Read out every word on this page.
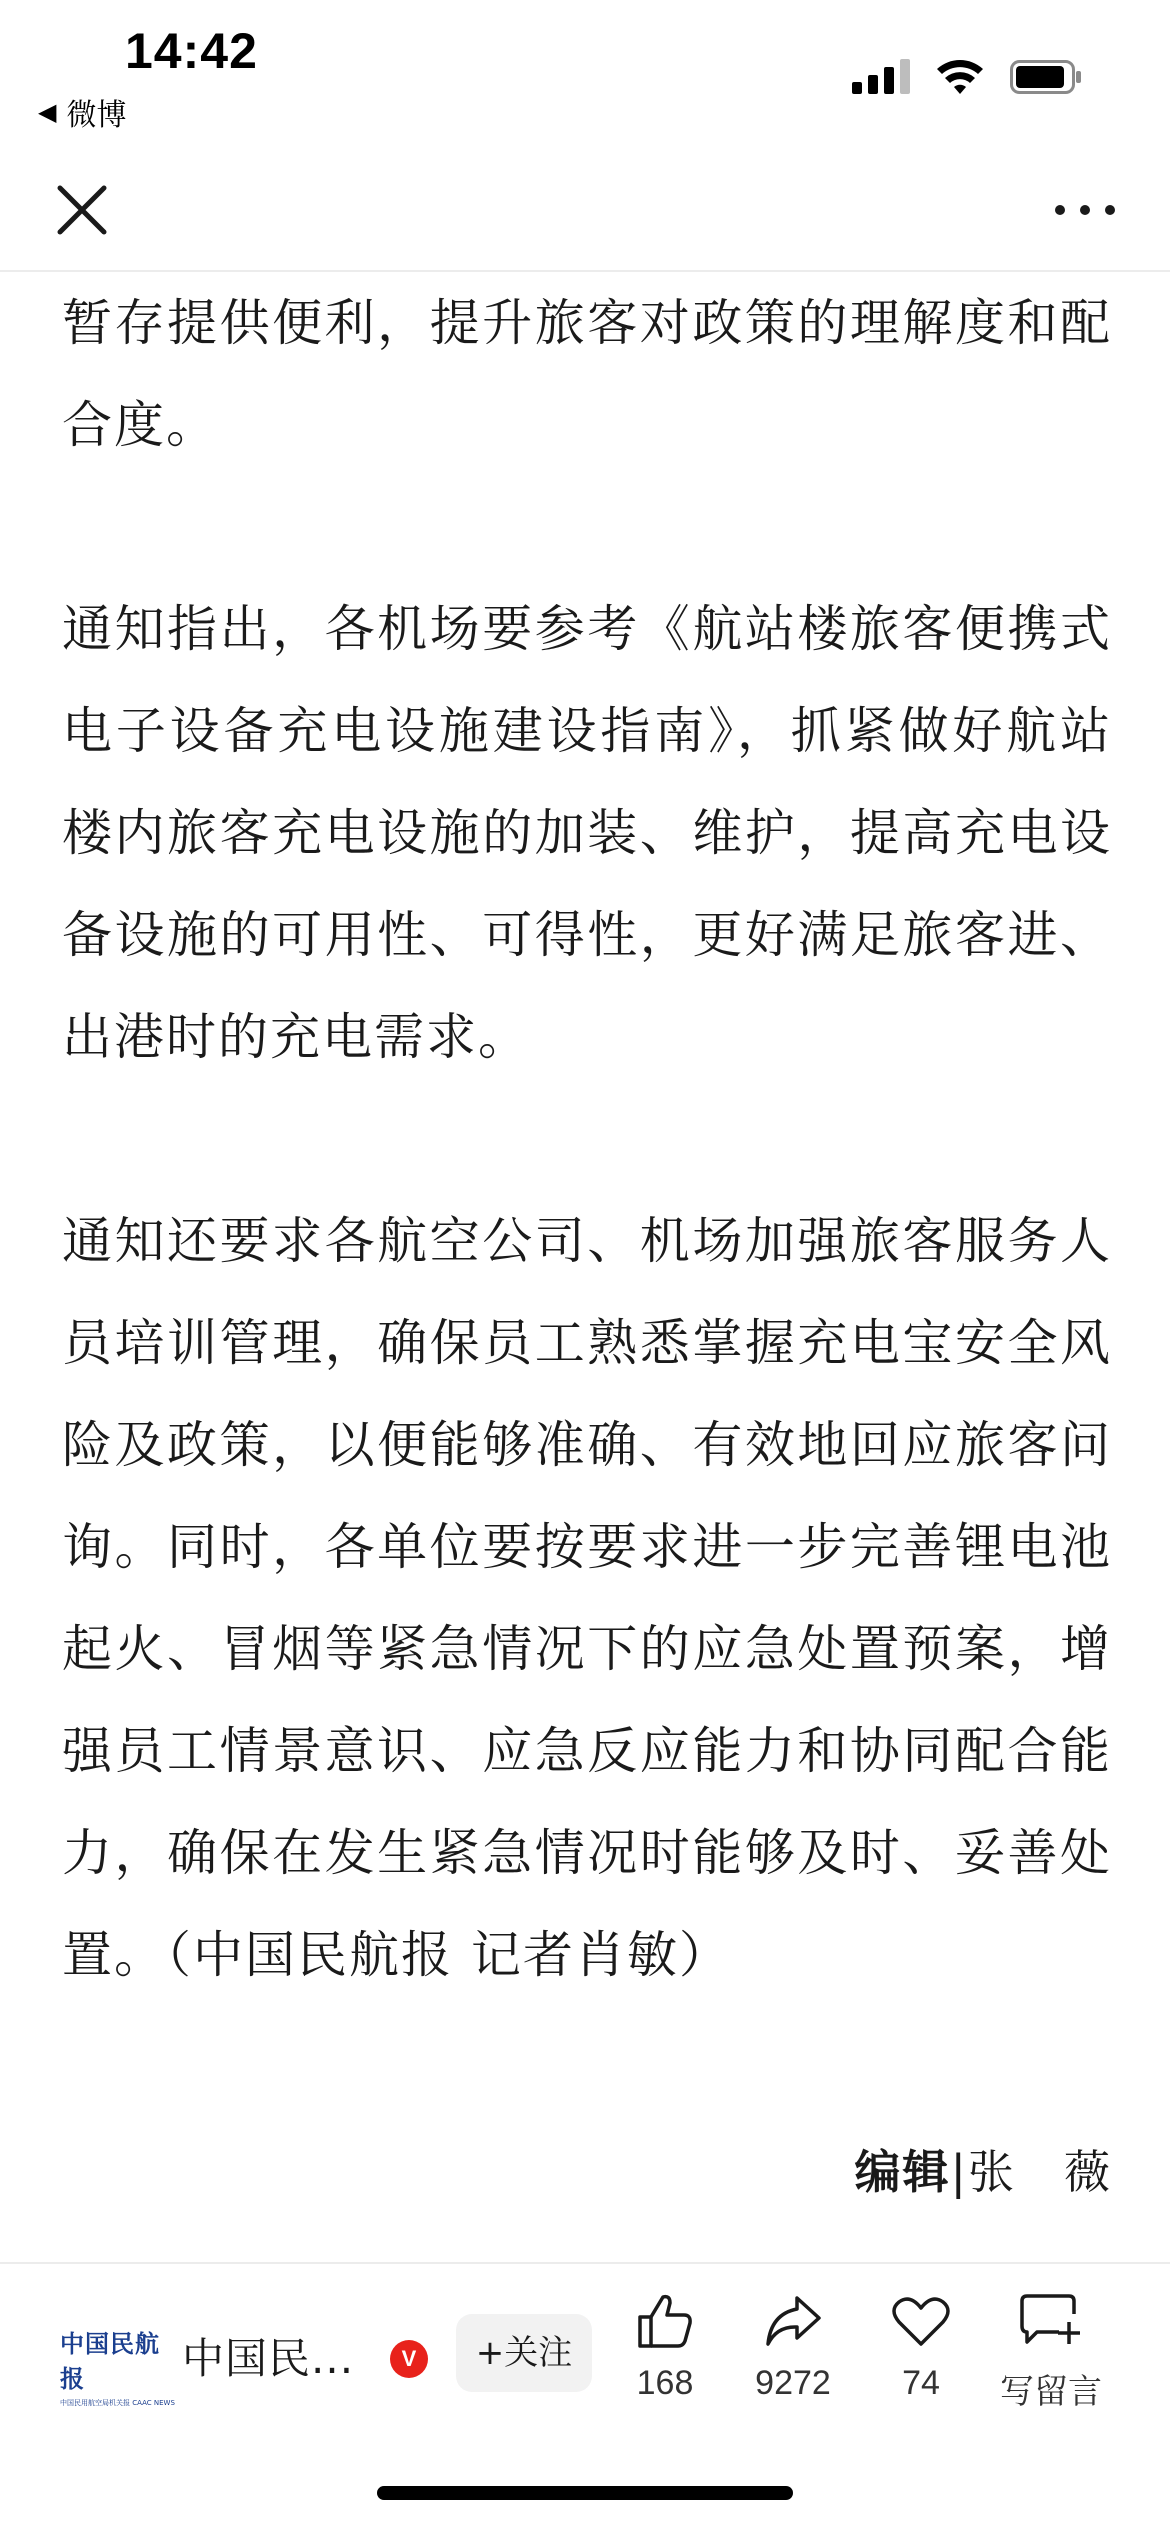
14:42
◀ 微博

暂存提供便利，提升旅客对政策的理解度和配合度。

通知指出，各机场要参考《航站楼旅客便携式电子设备充电设施建设指南》，抓紧做好航站楼内旅客充电设施的加装、维护，提高充电设备设施的可用性、可得性，更好满足旅客进、出港时的充电需求。

通知还要求各航空公司、机场加强旅客服务人员培训管理，确保员工熟悉掌握充电宝安全风险及政策，以便能够准确、有效地回应旅客问询。同时，各单位要按要求进一步完善锂电池起火、冒烟等紧急情况下的应急处置预案，增强员工情景意识、应急反应能力和协同配合能力，确保在发生紧急情况时能够及时、妥善处置。（中国民航报 记者肖敏）

编辑|张　薇
中国民航报
中国民用航空局机关报 CAAC NEWS
中国民...	V	+关注
168	9272	74	写留言
